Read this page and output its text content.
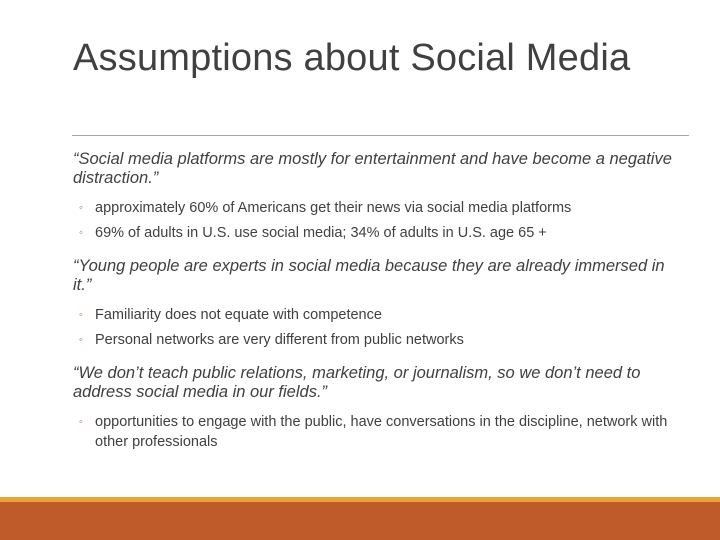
Assumptions about Social Media

“Social media platforms are mostly for entertainment and have become a negative distraction.”

◦ approximately 60% of Americans get their news via social media platforms
◦ 69% of adults in U.S. use social media; 34% of adults in U.S. age 65 +

“Young people are experts in social media because they are already immersed in it.”

◦ Familiarity does not equate with competence
◦ Personal networks are very different from public networks

“We don’t teach public relations, marketing, or journalism, so we don’t need to address social media in our fields.”

◦ opportunities to engage with the public, have conversations in the discipline, network with other professionals
